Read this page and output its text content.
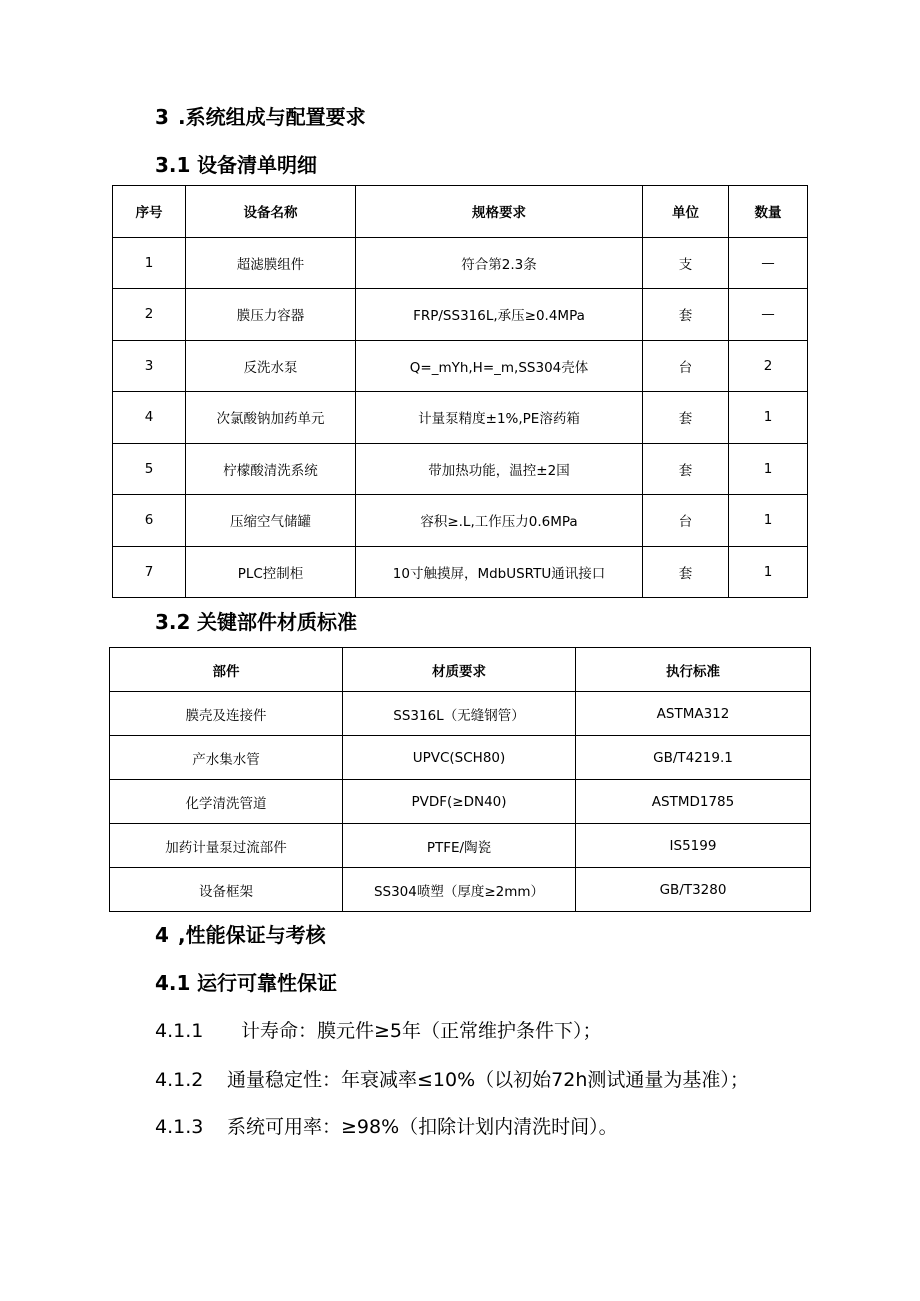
3 .系统组成与配置要求
3.1 设备清单明细
序号	设备名称	规格要求	单位	数量
1	超滤膜组件	符合第2.3条	支	—
2	膜压力容器	FRP/SS316L,承压≥0.4MPa	套	—
3	反洗水泵	Q=_mYh,H=_m,SS304壳体	台	2
4	次氯酸钠加药单元	计量泵精度±1%,PE溶药箱	套	1
5	柠檬酸清洗系统	带加热功能，温控±2国	套	1
6	压缩空气储罐	容积≥.L,工作压力0.6MPa	台	1
7	PLC控制柜	10寸触摸屏，MdbUSRTU通讯接口	套	1
3.2 关键部件材质标准
部件	材质要求	执行标准
膜壳及连接件	SS316L（无缝钢管）	ASTMA312
产水集水管	UPVC(SCH80)	GB/T4219.1
化学清洗管道	PVDF(≥DN40)	ASTMD1785
加药计量泵过流部件	PTFE/陶瓷	IS5199
设备框架	SS304喷塑（厚度≥2mm）	GB/T3280
4 ,性能保证与考核
4.1 运行可靠性保证

4.1.1 计寿命：膜元件≥5年（正常维护条件下）；

4.1.2 通量稳定性：年衰减率≤10%（以初始72h测试通量为基准）；

4.1.3 系统可用率：≥98%（扣除计划内清洗时间）。
